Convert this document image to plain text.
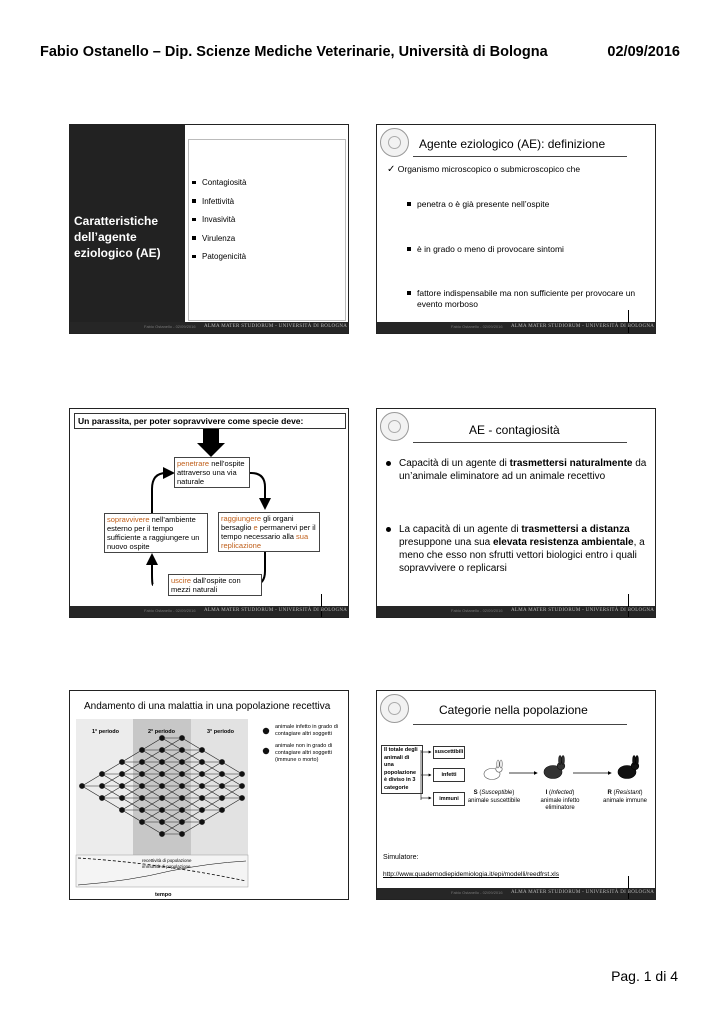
Fabio Ostanello – Dip. Scienze Mediche Veterinarie, Università di Bologna	02/09/2016
Caratteristiche dell’agente eziologico (AE)
Contagiosità
Infettività
Invasività
Virulenza
Patogenicità
Fabio Ostanello - 02/09/2016 ALMA MATER STUDIORUM - UNIVERSITÀ DI BOLOGNA
Agente eziologico (AE): definizione
✓ Organismo microscopico o submicroscopico che
penetra o è già presente nell’ospite
è in grado o meno di provocare sintomi
fattore indispensabile ma non sufficiente per provocare un evento morboso
Fabio Ostanello - 02/09/2016 ALMA MATER STUDIORUM - UNIVERSITÀ DI BOLOGNA
Un parassita, per poter sopravvivere come specie deve:
penetrare nell’ospite attraverso una via naturale
raggiungere gli organi bersaglio e permanervi per il tempo necessario alla sua replicazione
uscire dall’ospite con mezzi naturali
sopravvivere nell’ambiente esterno per il tempo sufficiente a raggiungere un nuovo ospite
Fabio Ostanello - 02/09/2016 ALMA MATER STUDIORUM - UNIVERSITÀ DI BOLOGNA
AE - contagiosità
Capacità di un agente di trasmettersi naturalmente da un’animale eliminatore ad un animale recettivo
La capacità di un agente di trasmettersi a distanza presuppone una sua elevata resistenza ambientale, a meno che esso non sfrutti vettori biologici entro i quali sopravvivere o replicarsi
Fabio Ostanello - 02/09/2016 ALMA MATER STUDIORUM - UNIVERSITÀ DI BOLOGNA
Andamento di una malattia in una popolazione recettiva
1° periodo	2° periodo	3° periodo
recettività di popolazione
immunità di popolazione
tempo
animale infetto in grado di contagiare altri soggetti
animale non in grado di contagiare altri soggetti (immune o morto)
Categorie nella popolazione
Il totale degli animali di una popolazione è diviso in 3 categorie
suscettibili
infetti
immuni
S (Susceptible)
animale suscettibile
I (Infected)
animale infetto eliminatore
R (Resistant)
animale immune
Simulatore:
http://www.quadernodiepidemiologia.it/epi/modelli/reedfrst.xls
Fabio Ostanello - 02/09/2016 ALMA MATER STUDIORUM - UNIVERSITÀ DI BOLOGNA
Pag. 1 di 4
